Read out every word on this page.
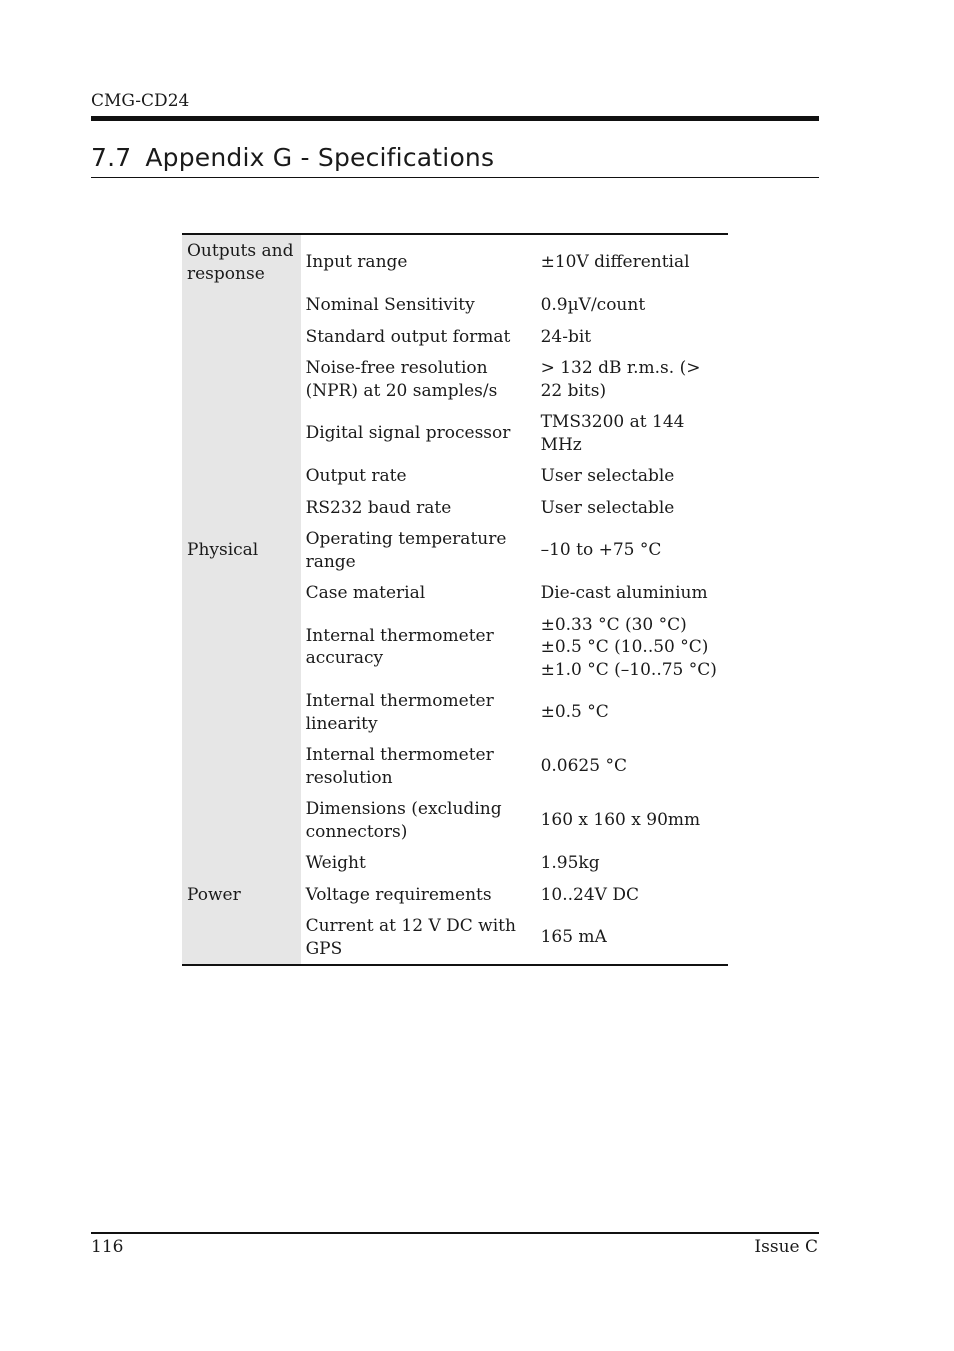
CMG-CD24
7.7 Appendix G - Specifications
Outputs and response	Input range	±10V differential
	Nominal Sensitivity	0.9µV/count
	Standard output format	24-bit
	Noise-free resolution (NPR) at 20 samples/s	> 132 dB r.m.s. (> 22 bits)
	Digital signal processor	TMS3200 at 144 MHz
	Output rate	User selectable
	RS232 baud rate	User selectable
Physical	Operating temperature range	–10 to +75 °C
	Case material	Die-cast aluminium
	Internal thermometer accuracy	±0.33 °C (30 °C)
±0.5 °C (10..50 °C)
±1.0 °C (–10..75 °C)
	Internal thermometer linearity	±0.5 °C
	Internal thermometer resolution	0.0625 °C
	Dimensions (excluding connectors)	160 x 160 x 90mm
	Weight	1.95kg
Power	Voltage requirements	10..24V DC
	Current at 12 V DC with GPS	165 mA
116	Issue C
